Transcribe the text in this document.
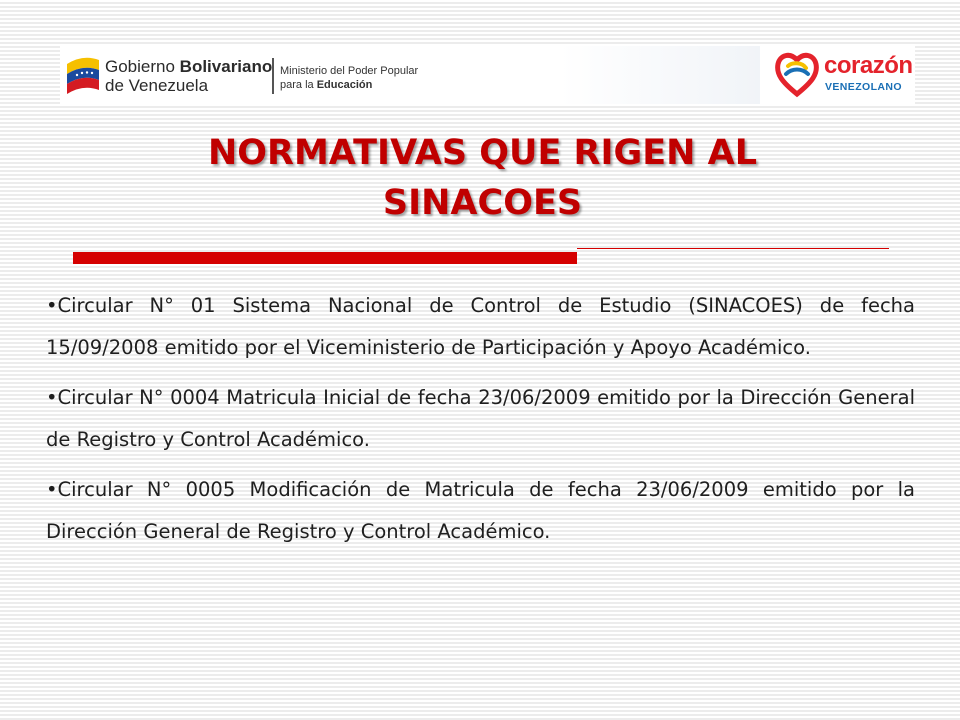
Gobierno Bolivariano
de Venezuela
Ministerio del Poder Popular
para la Educación
corazón
VENEZOLANO
NORMATIVAS QUE RIGEN AL
SINACOES
•Circular N° 01 Sistema Nacional de Control de Estudio (SINACOES) de fecha 15/09/2008 emitido por el Viceministerio de Participación y Apoyo Académico.
•Circular N° 0004 Matricula Inicial de fecha 23/06/2009 emitido por la Dirección General de Registro y Control Académico.
•Circular N° 0005 Modificación de Matricula de fecha 23/06/2009 emitido por la Dirección General de Registro y Control Académico.
